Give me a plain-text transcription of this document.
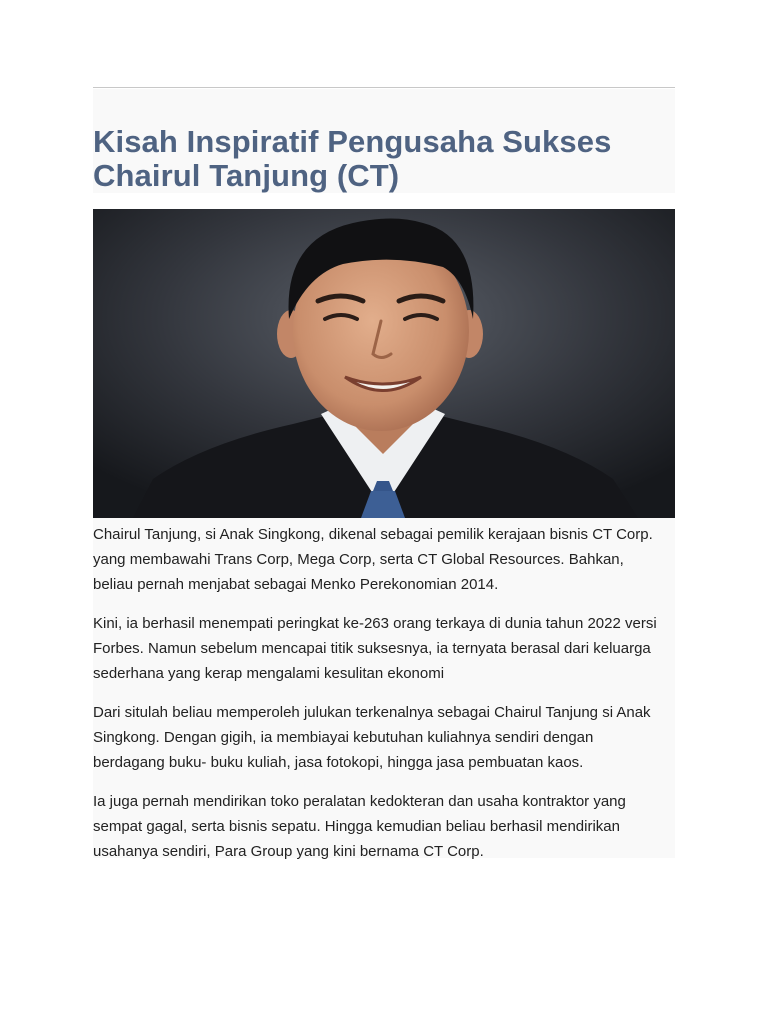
Kisah Inspiratif Pengusaha Sukses
Chairul Tanjung (CT)

Chairul Tanjung, si Anak Singkong, dikenal sebagai pemilik kerajaan bisnis CT Corp.
yang membawahi Trans Corp, Mega Corp, serta CT Global Resources. Bahkan,
beliau pernah menjabat sebagai Menko Perekonomian 2014.

Kini, ia berhasil menempati peringkat ke-263 orang terkaya di dunia tahun 2022 versi
Forbes. Namun sebelum mencapai titik suksesnya, ia ternyata berasal dari keluarga
sederhana yang kerap mengalami kesulitan ekonomi

Dari situlah beliau memperoleh julukan terkenalnya sebagai Chairul Tanjung si Anak
Singkong. Dengan gigih, ia membiayai kebutuhan kuliahnya sendiri dengan
berdagang buku- buku kuliah, jasa fotokopi, hingga jasa pembuatan kaos.

Ia juga pernah mendirikan toko peralatan kedokteran dan usaha kontraktor yang
sempat gagal, serta bisnis sepatu. Hingga kemudian beliau berhasil mendirikan
usahanya sendiri, Para Group yang kini bernama CT Corp.
